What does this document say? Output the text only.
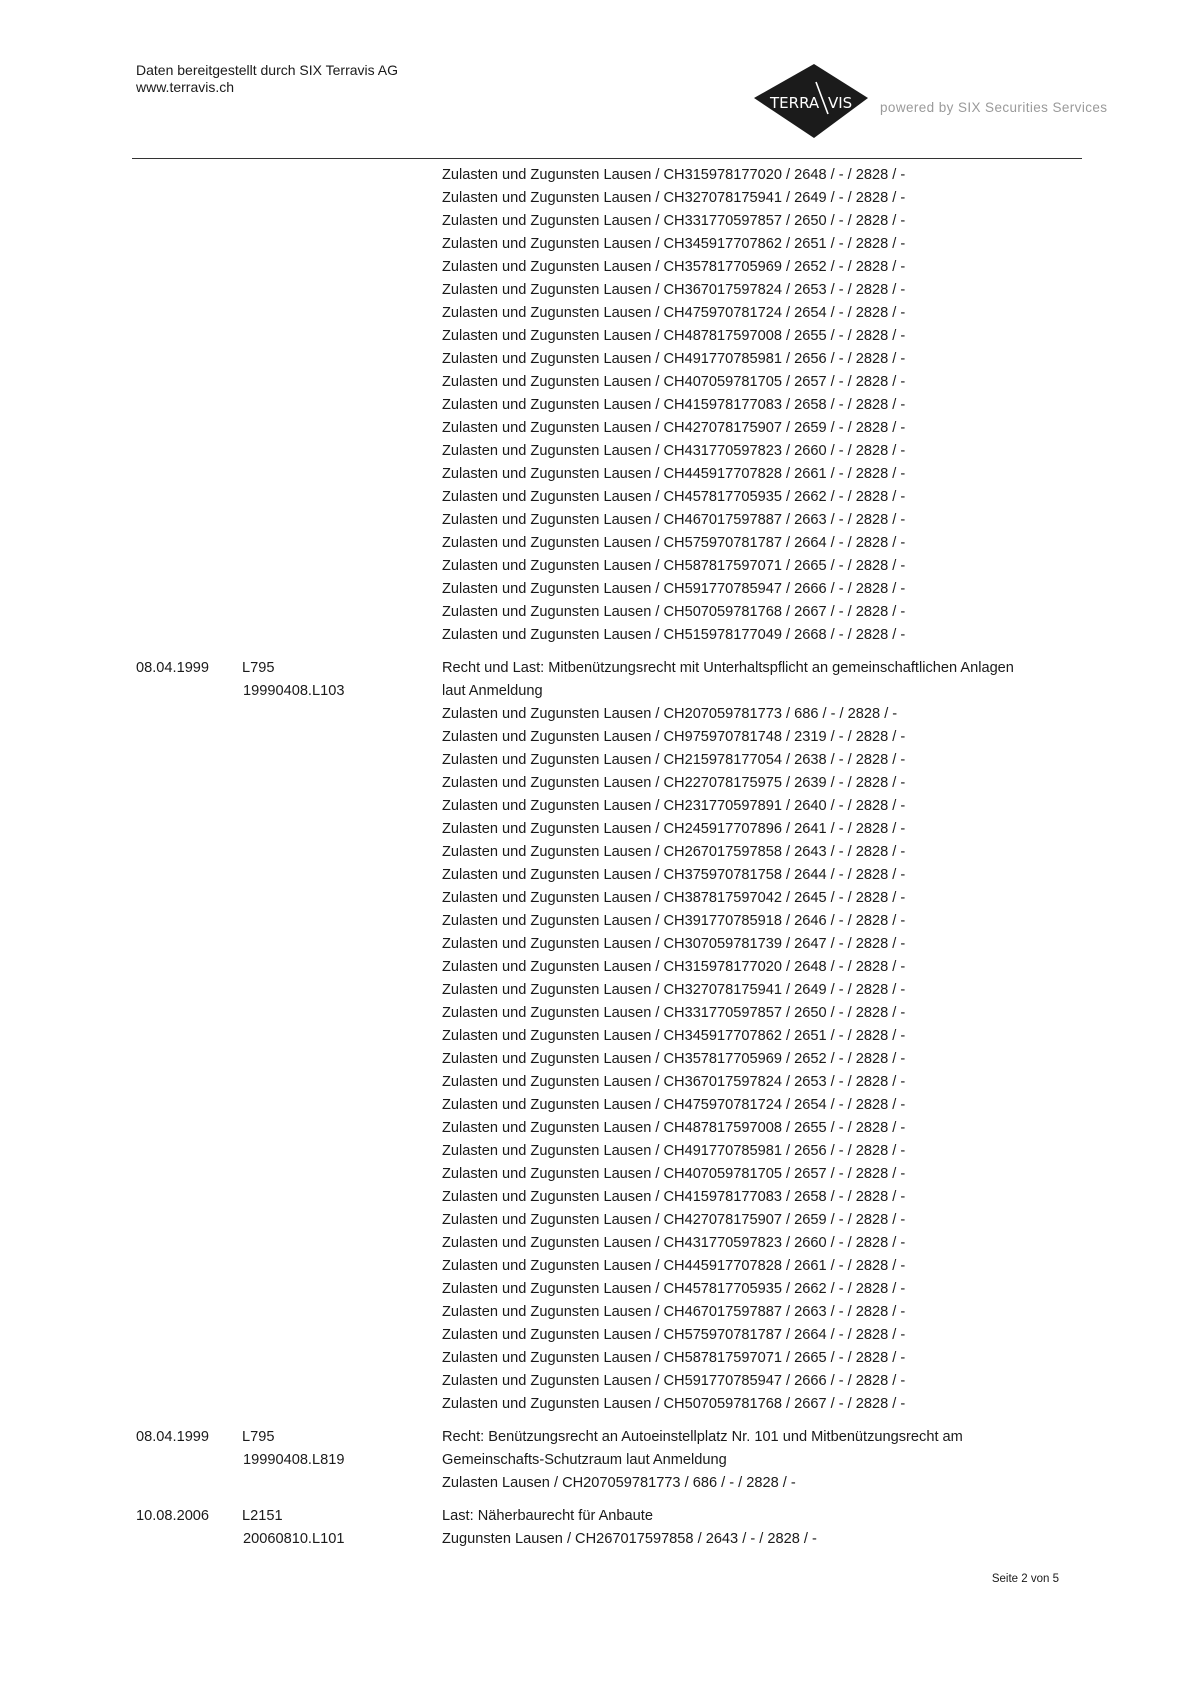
Daten bereitgestellt durch SIX Terravis AG
www.terravis.ch
TERRA VIS powered by SIX Securities Services
Zulasten und Zugunsten Lausen / CH315978177020 / 2648 / - / 2828 / -
Zulasten und Zugunsten Lausen / CH327078175941 / 2649 / - / 2828 / -
Zulasten und Zugunsten Lausen / CH331770597857 / 2650 / - / 2828 / -
Zulasten und Zugunsten Lausen / CH345917707862 / 2651 / - / 2828 / -
Zulasten und Zugunsten Lausen / CH357817705969 / 2652 / - / 2828 / -
Zulasten und Zugunsten Lausen / CH367017597824 / 2653 / - / 2828 / -
Zulasten und Zugunsten Lausen / CH475970781724 / 2654 / - / 2828 / -
Zulasten und Zugunsten Lausen / CH487817597008 / 2655 / - / 2828 / -
Zulasten und Zugunsten Lausen / CH491770785981 / 2656 / - / 2828 / -
Zulasten und Zugunsten Lausen / CH407059781705 / 2657 / - / 2828 / -
Zulasten und Zugunsten Lausen / CH415978177083 / 2658 / - / 2828 / -
Zulasten und Zugunsten Lausen / CH427078175907 / 2659 / - / 2828 / -
Zulasten und Zugunsten Lausen / CH431770597823 / 2660 / - / 2828 / -
Zulasten und Zugunsten Lausen / CH445917707828 / 2661 / - / 2828 / -
Zulasten und Zugunsten Lausen / CH457817705935 / 2662 / - / 2828 / -
Zulasten und Zugunsten Lausen / CH467017597887 / 2663 / - / 2828 / -
Zulasten und Zugunsten Lausen / CH575970781787 / 2664 / - / 2828 / -
Zulasten und Zugunsten Lausen / CH587817597071 / 2665 / - / 2828 / -
Zulasten und Zugunsten Lausen / CH591770785947 / 2666 / - / 2828 / -
Zulasten und Zugunsten Lausen / CH507059781768 / 2667 / - / 2828 / -
Zulasten und Zugunsten Lausen / CH515978177049 / 2668 / - / 2828 / -
08.04.1999 L795
19990408.L103
Recht und Last: Mitbenützungsrecht mit Unterhaltspflicht an gemeinschaftlichen Anlagen laut Anmeldung
Zulasten und Zugunsten Lausen / CH207059781773 / 686 / - / 2828 / -
Zulasten und Zugunsten Lausen / CH975970781748 / 2319 / - / 2828 / -
Zulasten und Zugunsten Lausen / CH215978177054 / 2638 / - / 2828 / -
Zulasten und Zugunsten Lausen / CH227078175975 / 2639 / - / 2828 / -
Zulasten und Zugunsten Lausen / CH231770597891 / 2640 / - / 2828 / -
Zulasten und Zugunsten Lausen / CH245917707896 / 2641 / - / 2828 / -
Zulasten und Zugunsten Lausen / CH267017597858 / 2643 / - / 2828 / -
Zulasten und Zugunsten Lausen / CH375970781758 / 2644 / - / 2828 / -
Zulasten und Zugunsten Lausen / CH387817597042 / 2645 / - / 2828 / -
Zulasten und Zugunsten Lausen / CH391770785918 / 2646 / - / 2828 / -
Zulasten und Zugunsten Lausen / CH307059781739 / 2647 / - / 2828 / -
Zulasten und Zugunsten Lausen / CH315978177020 / 2648 / - / 2828 / -
Zulasten und Zugunsten Lausen / CH327078175941 / 2649 / - / 2828 / -
Zulasten und Zugunsten Lausen / CH331770597857 / 2650 / - / 2828 / -
Zulasten und Zugunsten Lausen / CH345917707862 / 2651 / - / 2828 / -
Zulasten und Zugunsten Lausen / CH357817705969 / 2652 / - / 2828 / -
Zulasten und Zugunsten Lausen / CH367017597824 / 2653 / - / 2828 / -
Zulasten und Zugunsten Lausen / CH475970781724 / 2654 / - / 2828 / -
Zulasten und Zugunsten Lausen / CH487817597008 / 2655 / - / 2828 / -
Zulasten und Zugunsten Lausen / CH491770785981 / 2656 / - / 2828 / -
Zulasten und Zugunsten Lausen / CH407059781705 / 2657 / - / 2828 / -
Zulasten und Zugunsten Lausen / CH415978177083 / 2658 / - / 2828 / -
Zulasten und Zugunsten Lausen / CH427078175907 / 2659 / - / 2828 / -
Zulasten und Zugunsten Lausen / CH431770597823 / 2660 / - / 2828 / -
Zulasten und Zugunsten Lausen / CH445917707828 / 2661 / - / 2828 / -
Zulasten und Zugunsten Lausen / CH457817705935 / 2662 / - / 2828 / -
Zulasten und Zugunsten Lausen / CH467017597887 / 2663 / - / 2828 / -
Zulasten und Zugunsten Lausen / CH575970781787 / 2664 / - / 2828 / -
Zulasten und Zugunsten Lausen / CH587817597071 / 2665 / - / 2828 / -
Zulasten und Zugunsten Lausen / CH591770785947 / 2666 / - / 2828 / -
Zulasten und Zugunsten Lausen / CH507059781768 / 2667 / - / 2828 / -
08.04.1999 L795
19990408.L819
Recht: Benützungsrecht an Autoeinstellplatz Nr. 101 und Mitbenützungsrecht am Gemeinschafts-Schutzraum laut Anmeldung
Zulasten Lausen / CH207059781773 / 686 / - / 2828 / -
10.08.2006 L2151
20060810.L101
Last: Näherbaurecht für Anbaute
Zugunsten Lausen / CH267017597858 / 2643 / - / 2828 / -
Seite 2 von 5
